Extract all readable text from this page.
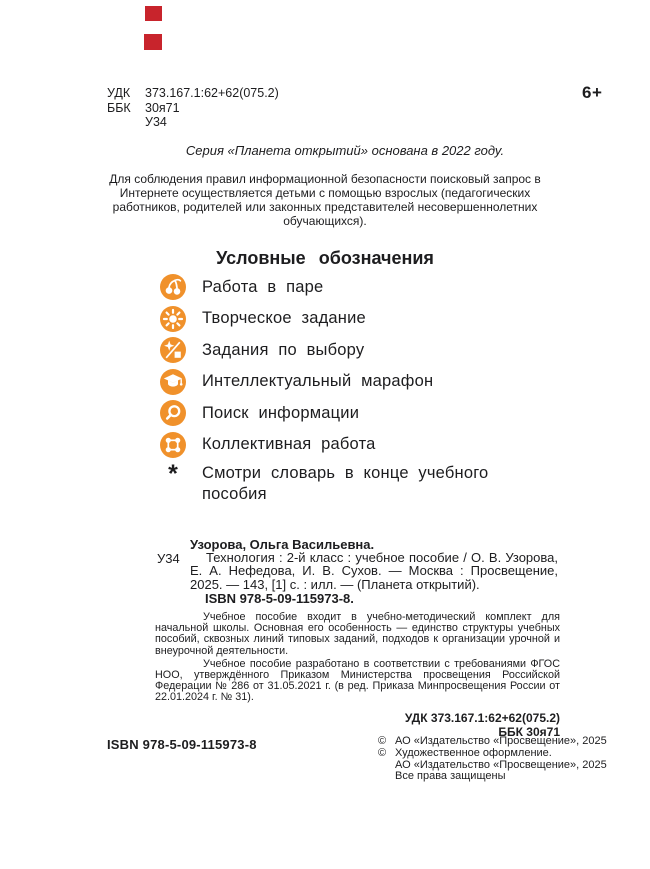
УДК	373.167.1:62+62(075.2)
ББК	30я71
У34
6+
Серия «Планета открытий» основана в 2022 году.
Для соблюдения правил информационной безопасности поисковый запрос в Интернете осуществляется детьми с помощью взрослых (педагогических работников, родителей или законных представителей несовершеннолетних обучающихся).
Условные обозначения
Работа в паре
Творческое задание
Задания по выбору
Интеллектуальный марафон
Поиск информации
Коллективная работа
*	Смотри словарь в конце учебного пособия
У34
Узорова, Ольга Васильевна.
Технология : 2-й класс : учебное пособие / О. В. Узорова, Е. А. Нефедова, И. В. Сухов. — Москва : Просвещение, 2025. — 143, [1] с. : илл. — (Планета открытий).
ISBN 978-5-09-115973-8.
Учебное пособие входит в учебно-методический комплект для начальной школы. Основная его особенность — единство структуры учебных пособий, сквозных линий типовых заданий, подходов к организации урочной и внеурочной деятельности.
Учебное пособие разработано в соответствии с требованиями ФГОС НОО, утверждённого Приказом Министерства просвещения Российской Федерации № 286 от 31.05.2021 г. (в ред. Приказа Минпросвещения России от 22.01.2024 г. № 31).
УДК 373.167.1:62+62(075.2)
ББК 30я71
ISBN 978-5-09-115973-8	© АО «Издательство «Просвещение», 2025
© Художественное оформление.
АО «Издательство «Просвещение», 2025
Все права защищены
